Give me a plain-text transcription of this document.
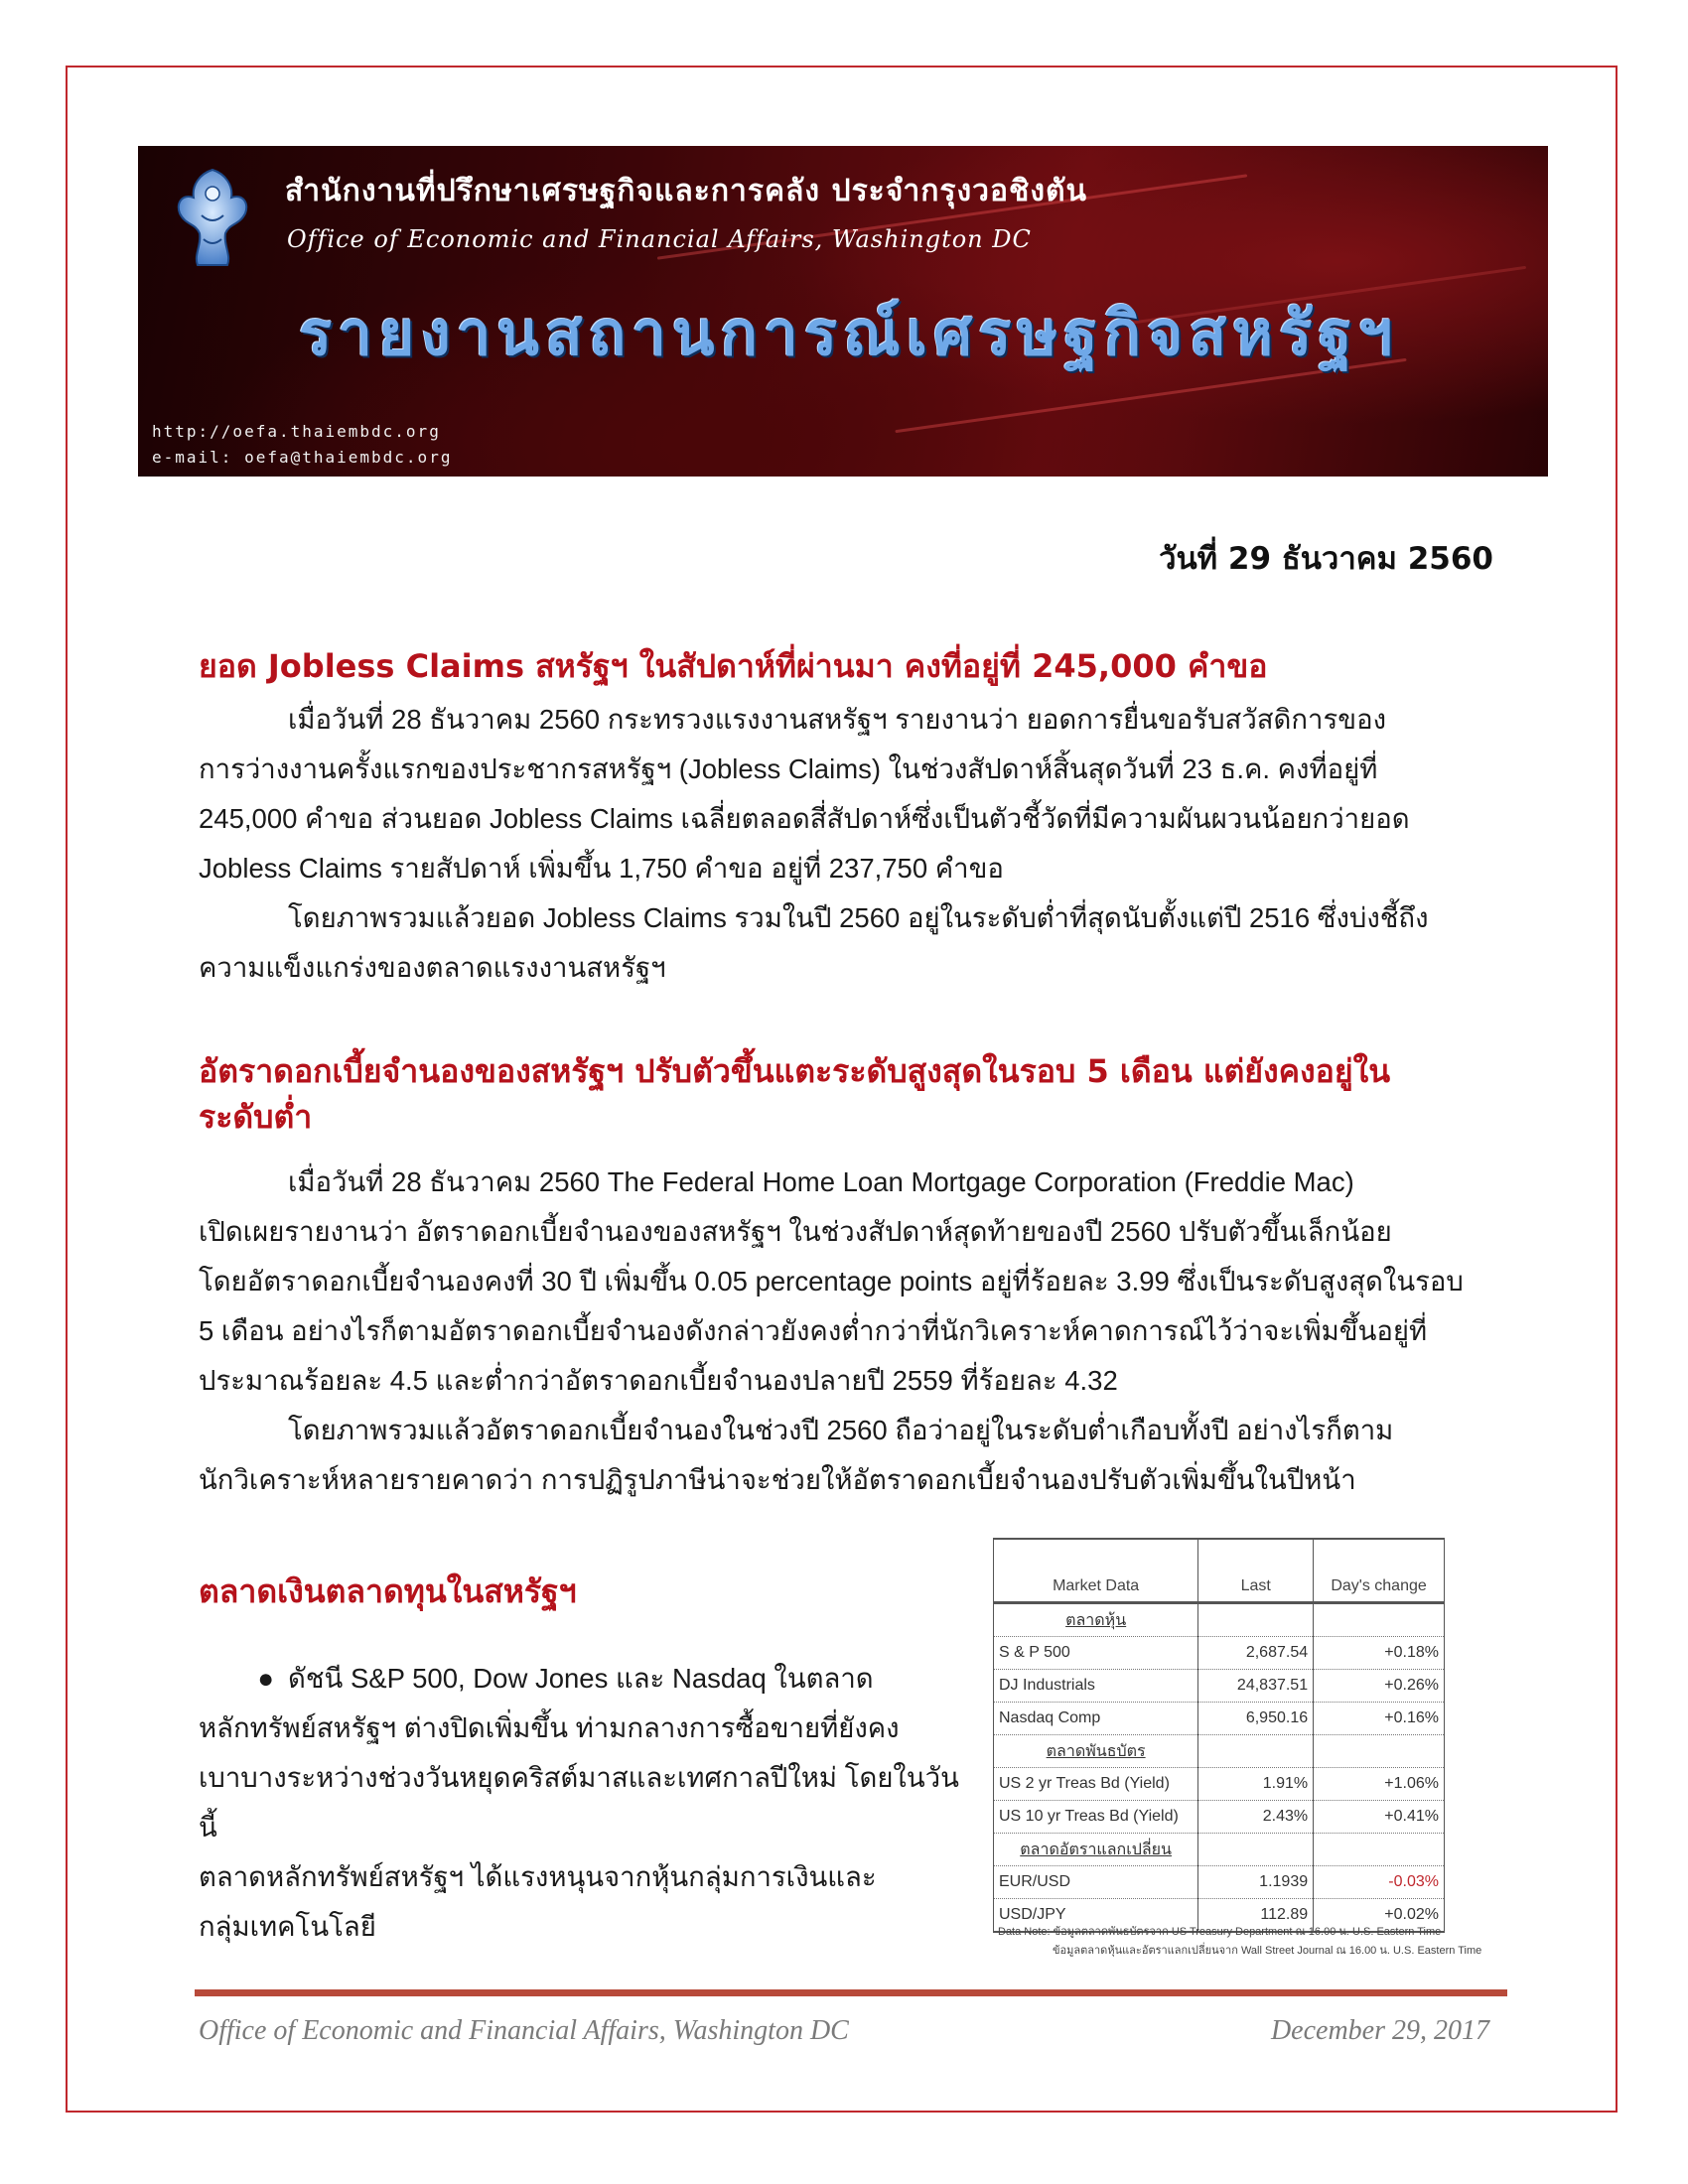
สำนักงานที่ปรึกษาเศรษฐกิจและการคลัง ประจำกรุงวอชิงตัน
Office of Economic and Financial Affairs, Washington DC
รายงานสถานการณ์เศรษฐกิจสหรัฐฯ
http://oefa.thaiembdc.org
e-mail: oefa@thaiembdc.org
วันที่ 29 ธันวาคม 2560
ยอด Jobless Claims สหรัฐฯ ในสัปดาห์ที่ผ่านมา คงที่อยู่ที่ 245,000 คำขอ

เมื่อวันที่ 28 ธันวาคม 2560 กระทรวงแรงงานสหรัฐฯ รายงานว่า ยอดการยื่นขอรับสวัสดิการของ
การว่างงานครั้งแรกของประชากรสหรัฐฯ (Jobless Claims) ในช่วงสัปดาห์สิ้นสุดวันที่ 23 ธ.ค. คงที่อยู่ที่
245,000 คำขอ ส่วนยอด Jobless Claims เฉลี่ยตลอดสี่สัปดาห์ซึ่งเป็นตัวชี้วัดที่มีความผันผวนน้อยกว่ายอด
Jobless Claims รายสัปดาห์ เพิ่มขึ้น 1,750 คำขอ อยู่ที่ 237,750 คำขอ

โดยภาพรวมแล้วยอด Jobless Claims รวมในปี 2560 อยู่ในระดับต่ำที่สุดนับตั้งแต่ปี 2516 ซึ่งบ่งชี้ถึง
ความแข็งแกร่งของตลาดแรงงานสหรัฐฯ

อัตราดอกเบี้ยจำนองของสหรัฐฯ ปรับตัวขึ้นแตะระดับสูงสุดในรอบ 5 เดือน แต่ยังคงอยู่ใน
ระดับต่ำ

เมื่อวันที่ 28 ธันวาคม 2560 The Federal Home Loan Mortgage Corporation (Freddie Mac)
เปิดเผยรายงานว่า อัตราดอกเบี้ยจำนองของสหรัฐฯ ในช่วงสัปดาห์สุดท้ายของปี 2560 ปรับตัวขึ้นเล็กน้อย
โดยอัตราดอกเบี้ยจำนองคงที่ 30 ปี เพิ่มขึ้น 0.05 percentage points อยู่ที่ร้อยละ 3.99 ซึ่งเป็นระดับสูงสุดในรอบ
5 เดือน อย่างไรก็ตามอัตราดอกเบี้ยจำนองดังกล่าวยังคงต่ำกว่าที่นักวิเคราะห์คาดการณ์ไว้ว่าจะเพิ่มขึ้นอยู่ที่
ประมาณร้อยละ 4.5 และต่ำกว่าอัตราดอกเบี้ยจำนองปลายปี 2559 ที่ร้อยละ 4.32

โดยภาพรวมแล้วอัตราดอกเบี้ยจำนองในช่วงปี 2560 ถือว่าอยู่ในระดับต่ำเกือบทั้งปี อย่างไรก็ตาม
นักวิเคราะห์หลายรายคาดว่า การปฏิรูปภาษีน่าจะช่วยให้อัตราดอกเบี้ยจำนองปรับตัวเพิ่มขึ้นในปีหน้า

ตลาดเงินตลาดทุนในสหรัฐฯ

● ดัชนี S&P 500, Dow Jones และ Nasdaq ในตลาด
หลักทรัพย์สหรัฐฯ ต่างปิดเพิ่มขึ้น ท่ามกลางการซื้อขายที่ยังคง
เบาบางระหว่างช่วงวันหยุดคริสต์มาสและเทศกาลปีใหม่ โดยในวันนี้
ตลาดหลักทรัพย์สหรัฐฯ ได้แรงหนุนจากหุ้นกลุ่มการเงินและ
กลุ่มเทคโนโลยี

Market Data	Last	Day's change
ตลาดหุ้น		
S & P 500	2,687.54	+0.18%
DJ Industrials	24,837.51	+0.26%
Nasdaq Comp	6,950.16	+0.16%
ตลาดพันธบัตร		
US 2 yr Treas Bd (Yield)	1.91%	+1.06%
US 10 yr Treas Bd (Yield)	2.43%	+0.41%
ตลาดอัตราแลกเปลี่ยน		
EUR/USD	1.1939	-0.03%
USD/JPY	112.89	+0.02%
Data Note: ข้อมูลตลาดพันธบัตรจาก US Treasury Department ณ 16.00 น. U.S. Eastern Time
ข้อมูลตลาดหุ้นและอัตราแลกเปลี่ยนจาก Wall Street Journal ณ 16.00 น. U.S. Eastern Time
Office of Economic and Financial Affairs, Washington DC	December 29, 2017
